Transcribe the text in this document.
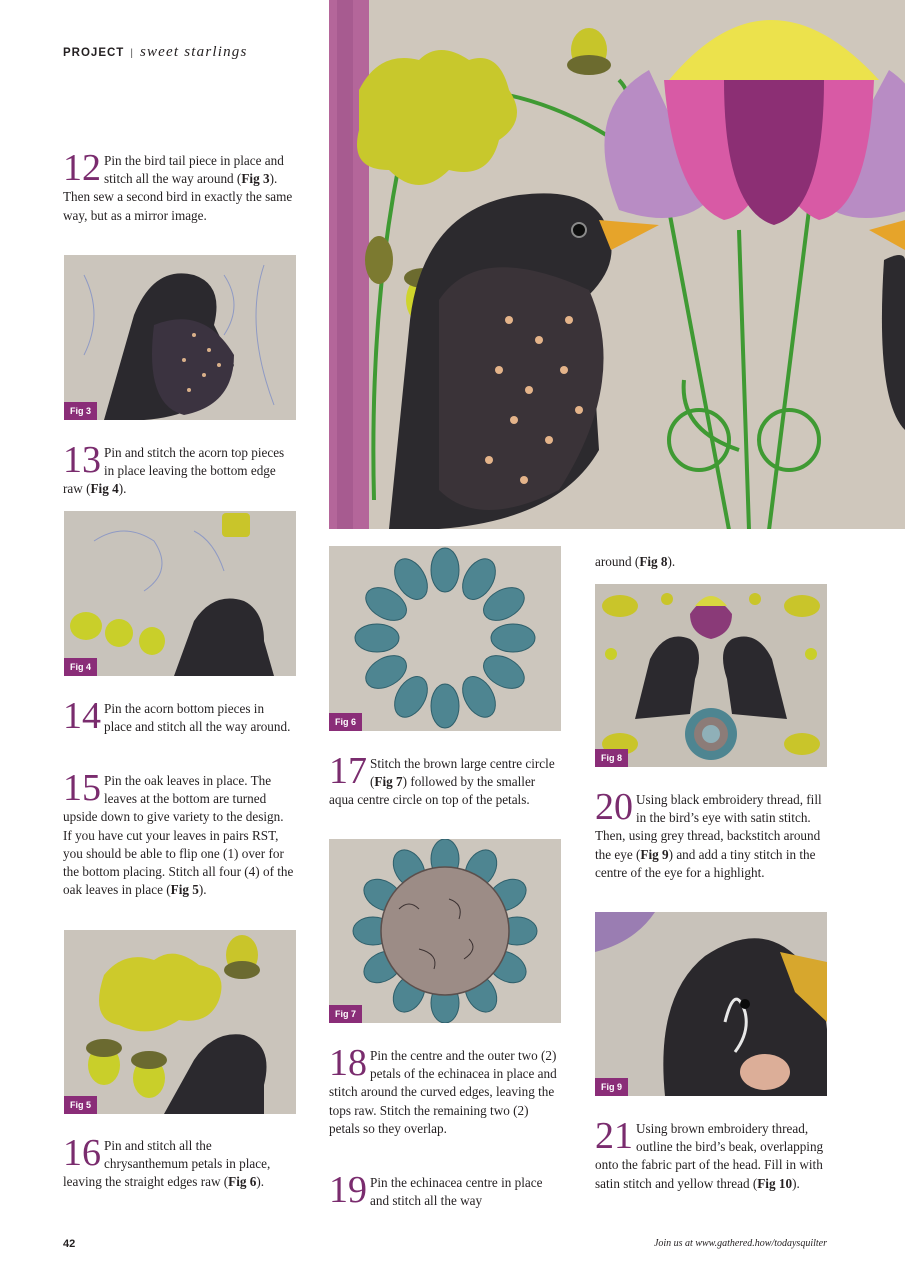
PROJECT | sweet starlings
12 Pin the bird tail piece in place and stitch all the way around (Fig 3). Then sew a second bird in exactly the same way, but as a mirror image.
Fig 3
13 Pin and stitch the acorn top pieces in place leaving the bottom edge raw (Fig 4).
Fig 4
14 Pin the acorn bottom pieces in place and stitch all the way around.
15 Pin the oak leaves in place. The leaves at the bottom are turned upside down to give variety to the design. If you have cut your leaves in pairs RST, you should be able to flip one (1) over for the bottom placing. Stitch all four (4) of the oak leaves in place (Fig 5).
Fig 5
16 Pin and stitch all the chrysanthemum petals in place, leaving the straight edges raw (Fig 6).
Fig 6
17 Stitch the brown large centre circle (Fig 7) followed by the smaller aqua centre circle on top of the petals.
Fig 7
18 Pin the centre and the outer two (2) petals of the echinacea in place and stitch around the curved edges, leaving the tops raw. Stitch the remaining two (2) petals so they overlap.
19 Pin the echinacea centre in place and stitch all the way
around (Fig 8).
Fig 8
20 Using black embroidery thread, fill in the bird’s eye with satin stitch. Then, using grey thread, backstitch around the eye (Fig 9) and add a tiny stitch in the centre of the eye for a highlight.
Fig 9
21 Using brown embroidery thread, outline the bird’s beak, overlapping onto the fabric part of the head. Fill in with satin stitch and yellow thread (Fig 10).
42	Join us at www.gathered.how/todaysquilter
